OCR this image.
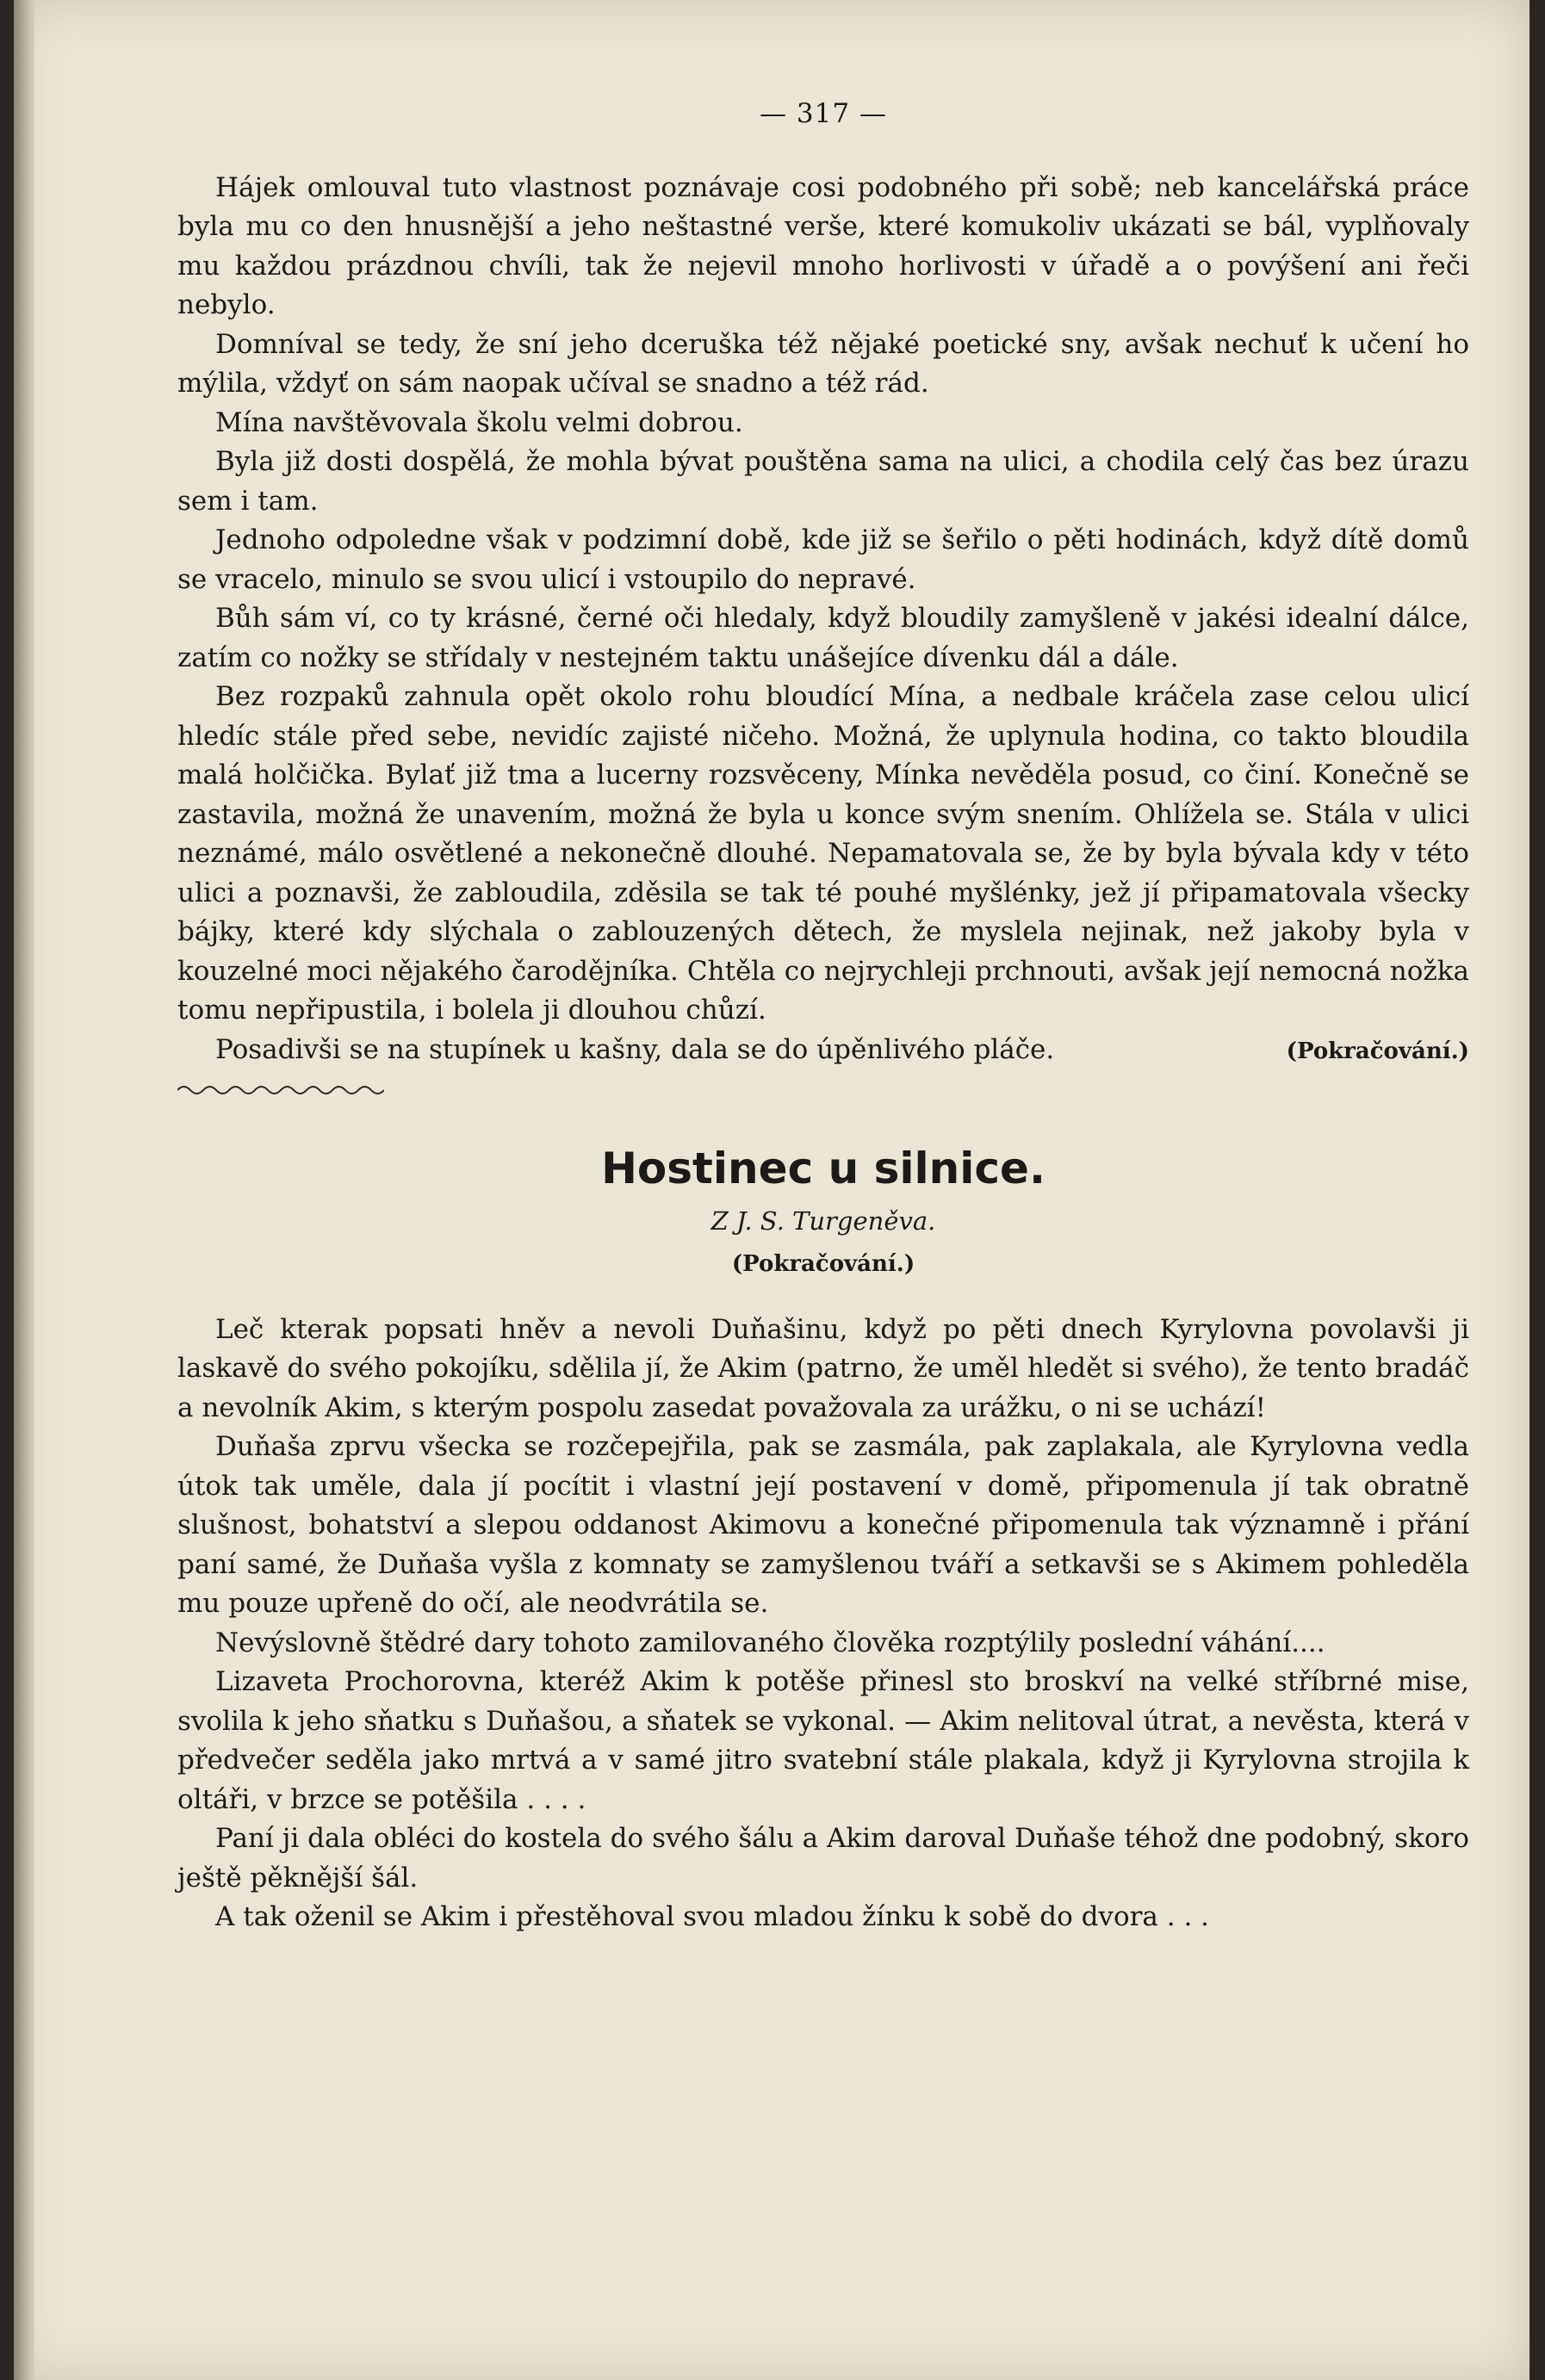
— 317 —

Hájek omlouval tuto vlastnost poznávaje cosi podobného při sobě; neb kancelářská práce byla mu co den hnusnější a jeho neštastné verše, které komukoliv ukázati se bál, vyplňovaly mu každou prázdnou chvíli, tak že nejevil mnoho horlivosti v úřadě a o povýšení ani řeči nebylo.

Domníval se tedy, že sní jeho dceruška též nějaké poetické sny, avšak nechuť k učení ho mýlila, vždyť on sám naopak učíval se snadno a též rád.

Mína navštěvovala školu velmi dobrou.

Byla již dosti dospělá, že mohla bývat pouštěna sama na ulici, a chodila celý čas bez úrazu sem i tam.

Jednoho odpoledne však v podzimní době, kde již se šeřilo o pěti hodinách, když dítě domů se vracelo, minulo se svou ulicí i vstoupilo do nepravé.

Bůh sám ví, co ty krásné, černé oči hledaly, když bloudily zamyšleně v jakési idealní dálce, zatím co nožky se střídaly v nestejném taktu unášejíce dívenku dál a dále.

Bez rozpaků zahnula opět okolo rohu bloudící Mína, a nedbale kráčela zase celou ulicí hledíc stále před sebe, nevidíc zajisté ničeho. Možná, že uplynula hodina, co takto bloudila malá holčička. Bylať již tma a lucerny rozsvěceny, Mínka nevěděla posud, co činí. Konečně se zastavila, možná že unavením, možná že byla u konce svým snením. Ohlížela se. Stála v ulici neznámé, málo osvětlené a nekonečně dlouhé. Nepamatovala se, že by byla bývala kdy v této ulici a poznavši, že zabloudila, zděsila se tak té pouhé myšlénky, jež jí připamatovala všecky bájky, které kdy slýchala o zablouzených dětech, že myslela nejinak, než jakoby byla v kouzelné moci nějakého čarodějníka. Chtěla co nejrychleji prchnouti, avšak její nemocná nožka tomu nepřipustila, i bolela ji dlouhou chůzí.

Posadivši se na stupínek u kašny, dala se do úpěnlivého pláče.	(Pokračování.)

Hostinec u silnice.
Z J. S. Turgeněva.
(Pokračování.)

Leč kterak popsati hněv a nevoli Duňašinu, když po pěti dnech Kyrylovna povolavši ji laskavě do svého pokojíku, sdělila jí, že Akim (patrno, že uměl hledět si svého), že tento bradáč a nevolník Akim, s kterým pospolu zasedat považovala za urážku, o ni se uchází!

Duňaša zprvu všecka se rozčepejřila, pak se zasmála, pak zaplakala, ale Kyrylovna vedla útok tak uměle, dala jí pocítit i vlastní její postavení v domě, připomenula jí tak obratně slušnost, bohatství a slepou oddanost Akimovu a konečné připomenula tak významně i přání paní samé, že Duňaša vyšla z komnaty se zamyšlenou tváří a setkavši se s Akimem pohleděla mu pouze upřeně do očí, ale neodvrátila se.

Nevýslovně štědré dary tohoto zamilovaného člověka rozptýlily poslední váhání....

Lizaveta Prochorovna, kteréž Akim k potěše přinesl sto broskví na velké stříbrné mise, svolila k jeho sňatku s Duňašou, a sňatek se vykonal. — Akim nelitoval útrat, a nevěsta, která v předvečer seděla jako mrtvá a v samé jitro svatební stále plakala, když ji Kyrylovna strojila k oltáři, v brzce se potěšila . . . .

Paní ji dala obléci do kostela do svého šálu a Akim daroval Duňaše téhož dne podobný, skoro ještě pěknější šál.

A tak oženil se Akim i přestěhoval svou mladou žínku k sobě do dvora . . .
